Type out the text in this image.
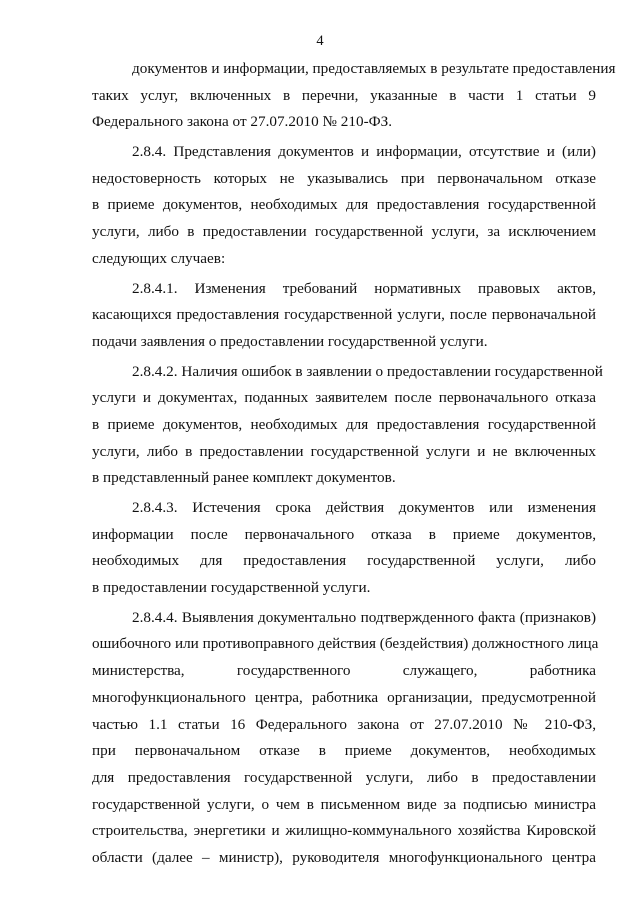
4
документов и информации, предоставляемых в результате предоставления
таких услуг, включенных в перечни, указанные в части 1 статьи 9
Федерального закона от 27.07.2010 № 210-ФЗ.
2.8.4. Представления документов и информации, отсутствие и (или)
недостоверность которых не указывались при первоначальном отказе
в приеме документов, необходимых для предоставления государственной
услуги, либо в предоставлении государственной услуги, за исключением
следующих случаев:
2.8.4.1. Изменения требований нормативных правовых актов,
касающихся предоставления государственной услуги, после первоначальной
подачи заявления о предоставлении государственной услуги.
2.8.4.2. Наличия ошибок в заявлении о предоставлении государственной
услуги и документах, поданных заявителем после первоначального отказа
в приеме документов, необходимых для предоставления государственной
услуги, либо в предоставлении государственной услуги и не включенных
в представленный ранее комплект документов.
2.8.4.3. Истечения срока действия документов или изменения
информации после первоначального отказа в приеме документов,
необходимых для предоставления государственной услуги, либо
в предоставлении государственной услуги.
2.8.4.4. Выявления документально подтвержденного факта (признаков)
ошибочного или противоправного действия (бездействия) должностного лица
министерства, государственного служащего, работника
многофункционального центра, работника организации, предусмотренной
частью 1.1 статьи 16 Федерального закона от 27.07.2010 № 210-ФЗ,
при первоначальном отказе в приеме документов, необходимых
для предоставления государственной услуги, либо в предоставлении
государственной услуги, о чем в письменном виде за подписью министра
строительства, энергетики и жилищно-коммунального хозяйства Кировской
области (далее – министр), руководителя многофункционального центра
